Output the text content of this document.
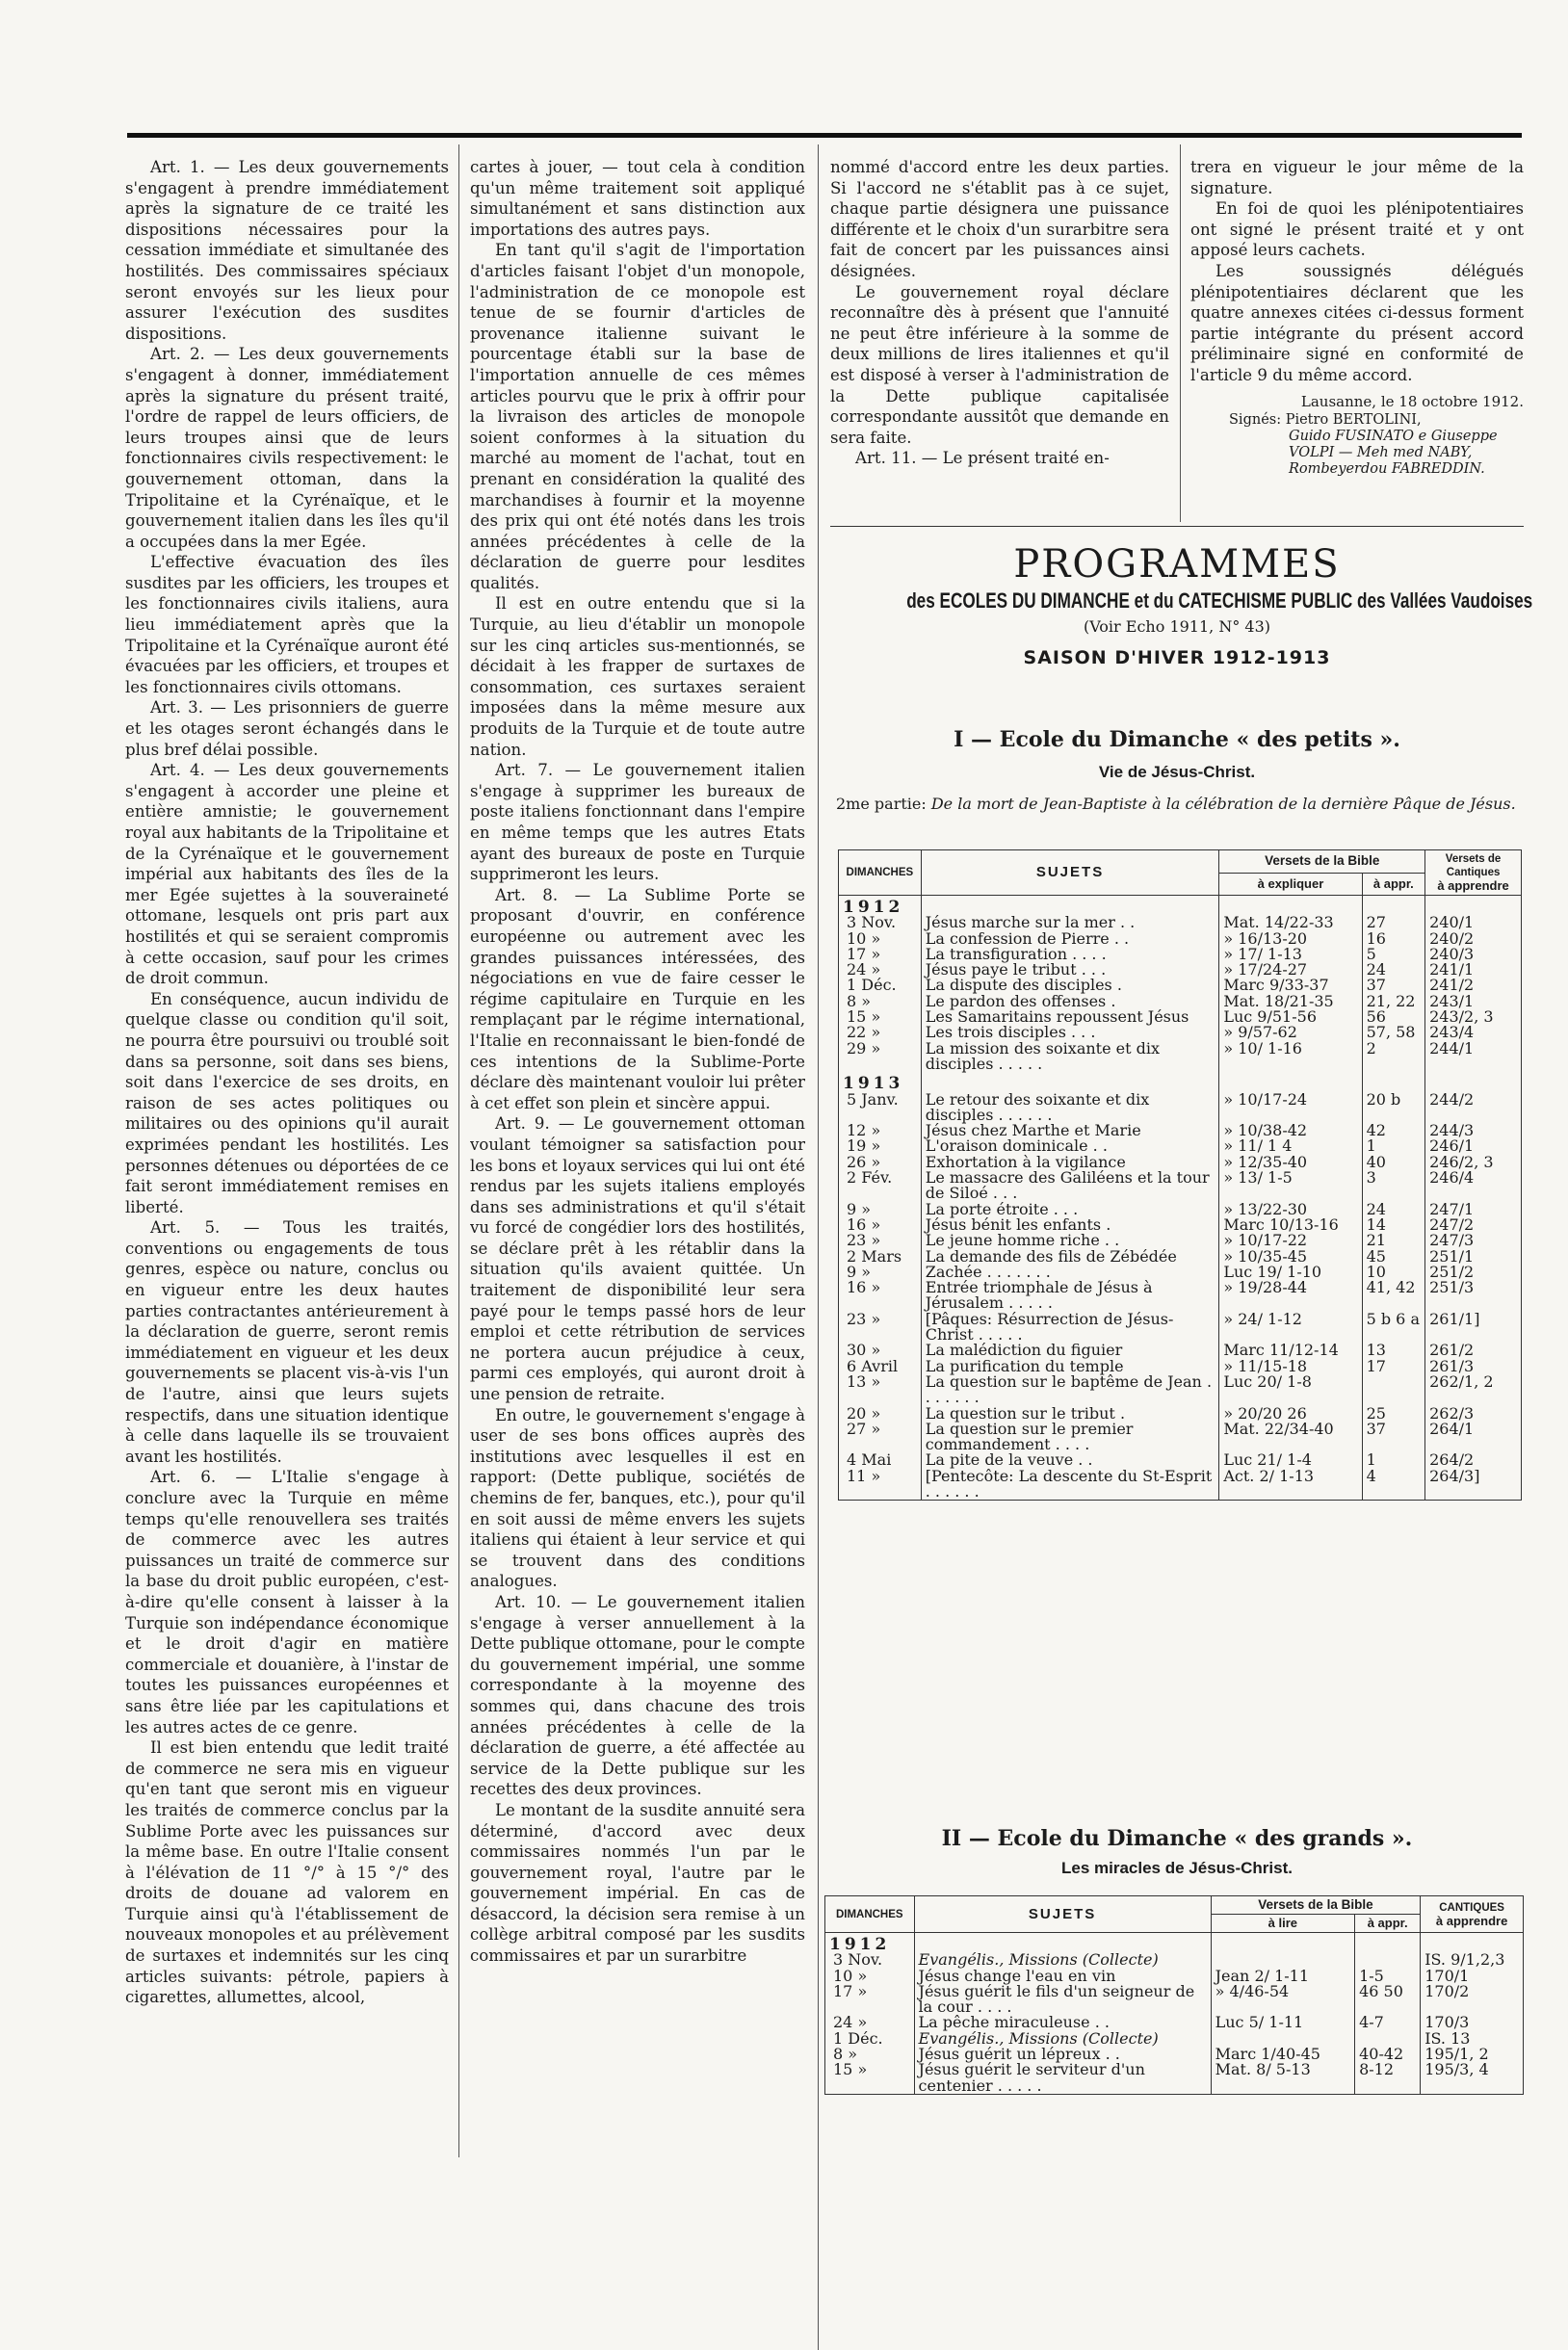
Art. 1. — Les deux gouvernements s'engagent à prendre immédiatement après la signature de ce traité les dispositions nécessaires pour la cessation immédiate et simultanée des hostilités. Des commissaires spéciaux seront envoyés sur les lieux pour assurer l'exécution des susdites dispositions.

Art. 2. — Les deux gouvernements s'engagent à donner, immédiatement après la signature du présent traité, l'ordre de rappel de leurs officiers, de leurs troupes ainsi que de leurs fonctionnaires civils respectivement: le gouvernement ottoman, dans la Tripolitaine et la Cyrénaïque, et le gouvernement italien dans les îles qu'il a occupées dans la mer Egée.

L'effective évacuation des îles susdites par les officiers, les troupes et les fonctionnaires civils italiens, aura lieu immédiatement après que la Tripolitaine et la Cyrénaïque auront été évacuées par les officiers, et troupes et les fonctionnaires civils ottomans.

Art. 3. — Les prisonniers de guerre et les otages seront échangés dans le plus bref délai possible.

Art. 4. — Les deux gouvernements s'engagent à accorder une pleine et entière amnistie; le gouvernement royal aux habitants de la Tripolitaine et de la Cyrénaïque et le gouvernement impérial aux habitants des îles de la mer Egée sujettes à la souveraineté ottomane, lesquels ont pris part aux hostilités et qui se seraient compromis à cette occasion, sauf pour les crimes de droit commun.

En conséquence, aucun individu de quelque classe ou condition qu'il soit, ne pourra être poursuivi ou troublé soit dans sa personne, soit dans ses biens, soit dans l'exercice de ses droits, en raison de ses actes politiques ou militaires ou des opinions qu'il aurait exprimées pendant les hostilités. Les personnes détenues ou déportées de ce fait seront immédiatement remises en liberté.

Art. 5. — Tous les traités, conventions ou engagements de tous genres, espèce ou nature, conclus ou en vigueur entre les deux hautes parties contractantes antérieurement à la déclaration de guerre, seront remis immédiatement en vigueur et les deux gouvernements se placent vis-à-vis l'un de l'autre, ainsi que leurs sujets respectifs, dans une situation identique à celle dans laquelle ils se trouvaient avant les hostilités.

Art. 6. — L'Italie s'engage à conclure avec la Turquie en même temps qu'elle renouvellera ses traités de commerce avec les autres puissances un traité de commerce sur la base du droit public européen, c'est-à-dire qu'elle consent à laisser à la Turquie son indépendance économique et le droit d'agir en matière commerciale et douanière, à l'instar de toutes les puissances européennes et sans être liée par les capitulations et les autres actes de ce genre.

Il est bien entendu que ledit traité de commerce ne sera mis en vigueur qu'en tant que seront mis en vigueur les traités de commerce conclus par la Sublime Porte avec les puissances sur la même base. En outre l'Italie consent à l'élévation de 11 °/° à 15 °/° des droits de douane ad valorem en Turquie ainsi qu'à l'établissement de nouveaux monopoles et au prélèvement de surtaxes et indemnités sur les cinq articles suivants: pétrole, papiers à cigarettes, allumettes, alcool,

cartes à jouer, — tout cela à condition qu'un même traitement soit appliqué simultanément et sans distinction aux importations des autres pays.

En tant qu'il s'agit de l'importation d'articles faisant l'objet d'un monopole, l'administration de ce monopole est tenue de se fournir d'articles de provenance italienne suivant le pourcentage établi sur la base de l'importation annuelle de ces mêmes articles pourvu que le prix à offrir pour la livraison des articles de monopole soient conformes à la situation du marché au moment de l'achat, tout en prenant en considération la qualité des marchandises à fournir et la moyenne des prix qui ont été notés dans les trois années précédentes à celle de la déclaration de guerre pour lesdites qualités.

Il est en outre entendu que si la Turquie, au lieu d'établir un monopole sur les cinq articles sus-mentionnés, se décidait à les frapper de surtaxes de consommation, ces surtaxes seraient imposées dans la même mesure aux produits de la Turquie et de toute autre nation.

Art. 7. — Le gouvernement italien s'engage à supprimer les bureaux de poste italiens fonctionnant dans l'empire en même temps que les autres Etats ayant des bureaux de poste en Turquie supprimeront les leurs.

Art. 8. — La Sublime Porte se proposant d'ouvrir, en conférence européenne ou autrement avec les grandes puissances intéressées, des négociations en vue de faire cesser le régime capitulaire en Turquie en les remplaçant par le régime international, l'Italie en reconnaissant le bien-fondé de ces intentions de la Sublime-Porte déclare dès maintenant vouloir lui prêter à cet effet son plein et sincère appui.

Art. 9. — Le gouvernement ottoman voulant témoigner sa satisfaction pour les bons et loyaux services qui lui ont été rendus par les sujets italiens employés dans ses administrations et qu'il s'était vu forcé de congédier lors des hostilités, se déclare prêt à les rétablir dans la situation qu'ils avaient quittée. Un traitement de disponibilité leur sera payé pour le temps passé hors de leur emploi et cette rétribution de services ne portera aucun préjudice à ceux, parmi ces employés, qui auront droit à une pension de retraite.

En outre, le gouvernement s'engage à user de ses bons offices auprès des institutions avec lesquelles il est en rapport: (Dette publique, sociétés de chemins de fer, banques, etc.), pour qu'il en soit aussi de même envers les sujets italiens qui étaient à leur service et qui se trouvent dans des conditions analogues.

Art. 10. — Le gouvernement italien s'engage à verser annuellement à la Dette publique ottomane, pour le compte du gouvernement impérial, une somme correspondante à la moyenne des sommes qui, dans chacune des trois années précédentes à celle de la déclaration de guerre, a été affectée au service de la Dette publique sur les recettes des deux provinces.

Le montant de la susdite annuité sera déterminé, d'accord avec deux commissaires nommés l'un par le gouvernement royal, l'autre par le gouvernement impérial. En cas de désaccord, la décision sera remise à un collège arbitral composé par les susdits commissaires et par un surarbitre

nommé d'accord entre les deux parties. Si l'accord ne s'établit pas à ce sujet, chaque partie désignera une puissance différente et le choix d'un surarbitre sera fait de concert par les puissances ainsi désignées.

Le gouvernement royal déclare reconnaître dès à présent que l'annuité ne peut être inférieure à la somme de deux millions de lires italiennes et qu'il est disposé à verser à l'administration de la Dette publique capitalisée correspondante aussitôt que demande en sera faite.

Art. 11. — Le présent traité en-

trera en vigueur le jour même de la signature.

En foi de quoi les plénipotentiaires ont signé le présent traité et y ont apposé leurs cachets.

Les soussignés délégués plénipotentiaires déclarent que les quatre annexes citées ci-dessus forment partie intégrante du présent accord préliminaire signé en conformité de l'article 9 du même accord.

Lausanne, le 18 octobre 1912.

Signés: Pietro BERTOLINI,
Guido FUSINATO e Giuseppe
VOLPI — Meh med NABY,
Rombeyerdou FABREDDIN.
PROGRAMMES
des ECOLES DU DIMANCHE et du CATECHISME PUBLIC des Vallées Vaudoises
(Voir Echo 1911, N° 43)
SAISON D'HIVER 1912-1913
I — Ecole du Dimanche « des petits ».
Vie de Jésus-Christ.
2me partie: De la mort de Jean-Baptiste à la célébration de la dernière Pâque de Jésus.
DIMANCHES	SUJETS	Versets de la Bible		Versets de Cantiques
à apprendre

		à expliquer	à appr.	
1912				
3 Nov.	Jésus marche sur la mer . .	Mat. 14/22-33	27	240/1
10 »	La confession de Pierre . .	» 16/13-20	16	240/2
17 »	La transfiguration . . . .	» 17/ 1-13	5	240/3
24 »	Jésus paye le tribut . . .	» 17/24-27	24	241/1
1 Déc.	La dispute des disciples .	Marc 9/33-37	37	241/2
8 »	Le pardon des offenses .	Mat. 18/21-35	21, 22	243/1
15 »	Les Samaritains repoussent Jésus	Luc 9/51-56	56	243/2, 3
22 »	Les trois disciples . . .	» 9/57-62	57, 58	243/4
29 »	La mission des soixante et dix disciples . . . . .	» 10/ 1-16	2	244/1
1913				
5 Janv.	Le retour des soixante et dix disciples . . . . . .	» 10/17-24	20 b	244/2
12 »	Jésus chez Marthe et Marie	» 10/38-42	42	244/3
19 »	L'oraison dominicale . .	» 11/ 1 4	1	246/1
26 »	Exhortation à la vigilance	» 12/35-40	40	246/2, 3
2 Fév.	Le massacre des Galiléens et la tour de Siloé . . .	» 13/ 1-5	3	246/4
9 »	La porte étroite . . .	» 13/22-30	24	247/1
16 »	Jésus bénit les enfants .	Marc 10/13-16	14	247/2
23 »	Le jeune homme riche . .	» 10/17-22	21	247/3
2 Mars	La demande des fils de Zébédée	» 10/35-45	45	251/1
9 »	Zachée . . . . . . .	Luc 19/ 1-10	10	251/2
16 »	Entrée triomphale de Jésus à Jérusalem . . . . .	» 19/28-44	41, 42	251/3
23 »	[Pâques: Résurrection de Jésus-Christ . . . . .	» 24/ 1-12	5 b 6 a	261/1]
30 »	La malédiction du figuier	Marc 11/12-14	13	261/2
6 Avril	La purification du temple	» 11/15-18	17	261/3
13 »	La question sur le baptême de Jean . . . . . . .	Luc 20/ 1-8		262/1, 2
20 »	La question sur le tribut .	» 20/20 26	25	262/3
27 »	La question sur le premier commandement . . . .	Mat. 22/34-40	37	264/1
4 Mai	La pite de la veuve . .	Luc 21/ 1-4	1	264/2
11 »	[Pentecôte: La descente du St-Esprit . . . . . .	Act. 2/ 1-13	4	264/3]
II — Ecole du Dimanche « des grands ».
Les miracles de Jésus-Christ.
DIMANCHES	SUJETS	Versets de la Bible		CANTIQUES
à apprendre

		à lire	à appr.	
1912				
3 Nov.	Evangélis., Missions (Collecte)			IS. 9/1,2,3
10 »	Jésus change l'eau en vin	Jean 2/ 1-11	1-5	170/1
17 »	Jésus guérit le fils d'un seigneur de la cour . . . .	» 4/46-54	46 50	170/2
24 »	La pêche miraculeuse . .	Luc 5/ 1-11	4-7	170/3
1 Déc.	Evangélis., Missions (Collecte)			IS. 13
8 »	Jésus guérit un lépreux . .	Marc 1/40-45	40-42	195/1, 2
15 »	Jésus guérit le serviteur d'un centenier . . . . .	Mat. 8/ 5-13	8-12	195/3, 4
